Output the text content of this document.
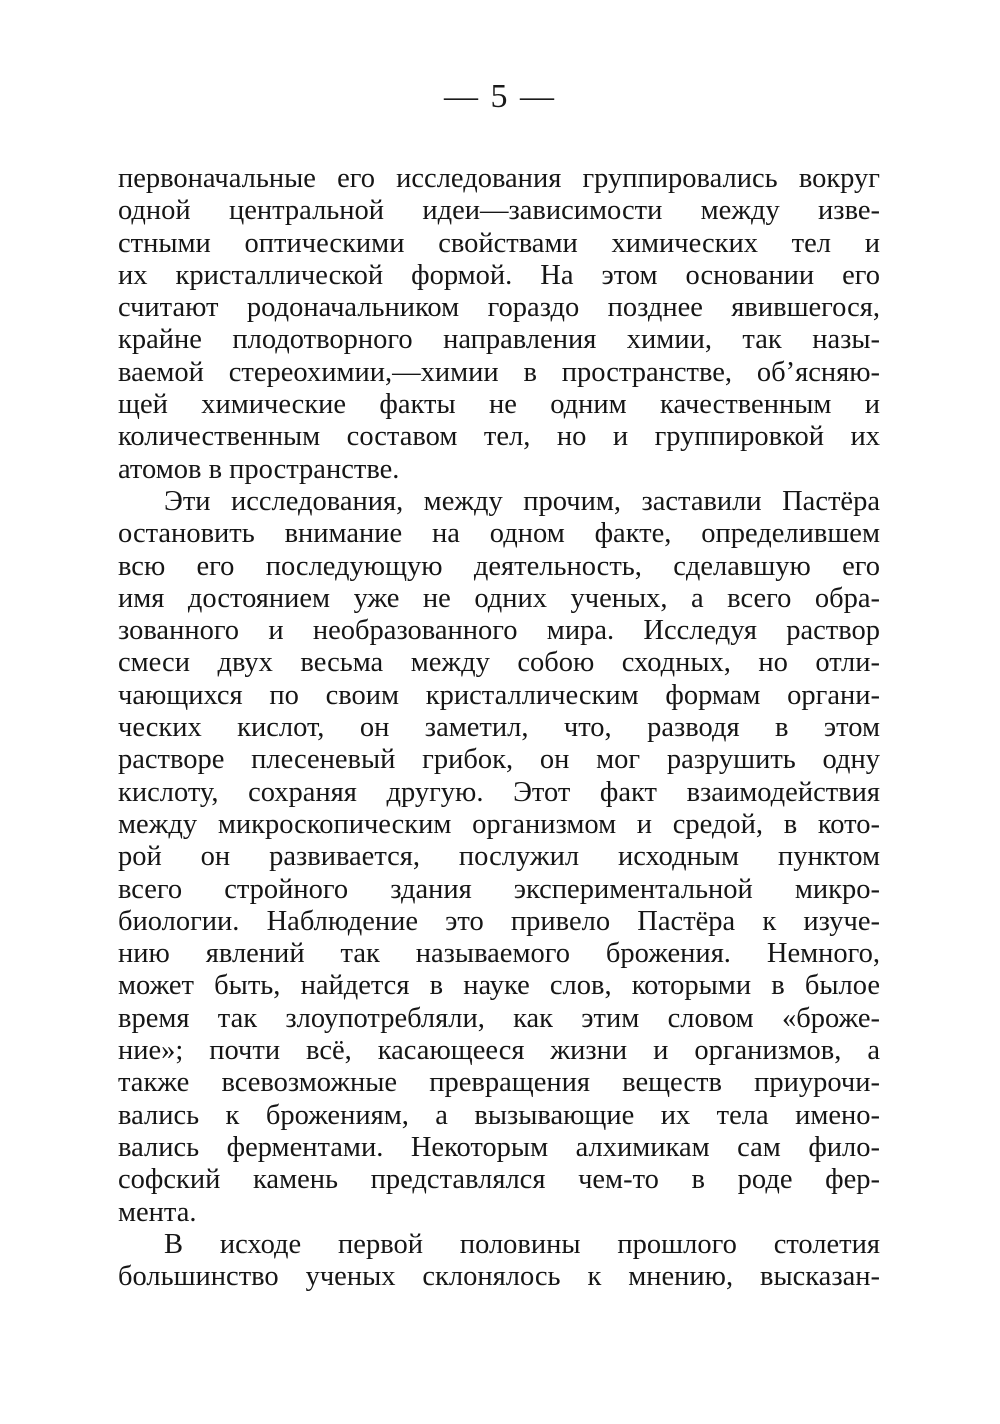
— 5 —
первоначальные его исследования группировались вокруг
одной центральной идеи—зависимости между изве-
стными оптическими свойствами химических тел и
их кристаллической формой. На этом основании его
считают родоначальником гораздо позднее явившегося,
крайне плодотворного направления химии, так назы-
ваемой стереохимии,—химии в пространстве, об’ясняю-
щей химические факты не одним качественным и
количественным составом тел, но и группировкой их
атомов в пространстве.
Эти исследования, между прочим, заставили Пастёра
остановить внимание на одном факте, определившем
всю его последующую деятельность, сделавшую его
имя достоянием уже не одних ученых, а всего обра-
зованного и необразованного мира. Исследуя раствор
смеси двух весьма между собою сходных, но отли-
чающихся по своим кристаллическим формам органи-
ческих кислот, он заметил, что, разводя в этом
растворе плесеневый грибок, он мог разрушить одну
кислоту, сохраняя другую. Этот факт взаимодействия
между микроскопическим организмом и средой, в кото-
рой он развивается, послужил исходным пунктом
всего стройного здания экспериментальной микро-
биологии. Наблюдение это привело Пастёра к изуче-
нию явлений так называемого брожения. Немного,
может быть, найдется в науке слов, которыми в былое
время так злоупотребляли, как этим словом «броже-
ние»; почти всё, касающееся жизни и организмов, а
также всевозможные превращения веществ приурочи-
вались к брожениям, а вызывающие их тела имено-
вались ферментами. Некоторым алхимикам сам фило-
софский камень представлялся чем-то в роде фер-
мента.
В исходе первой половины прошлого столетия
большинство ученых склонялось к мнению, высказан-
